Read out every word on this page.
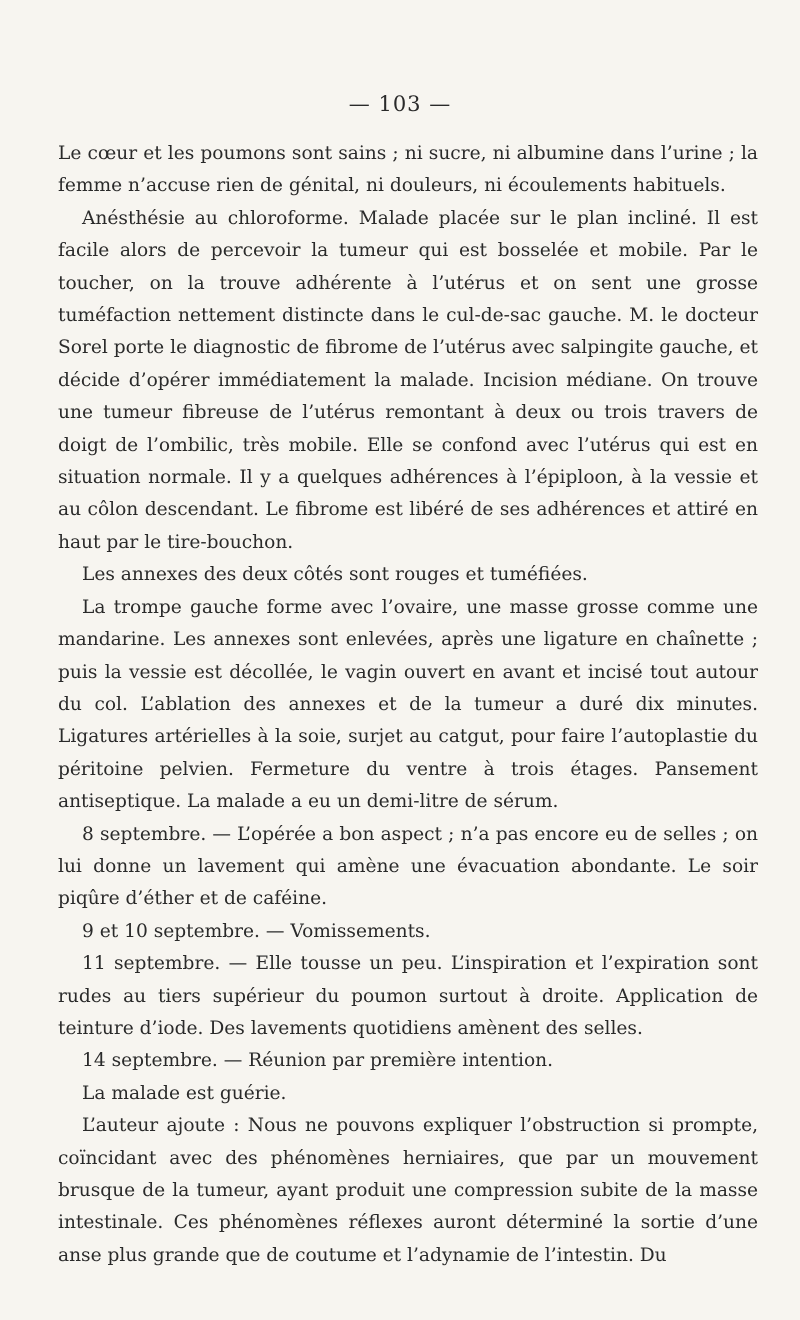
— 103 —

Le cœur et les poumons sont sains ; ni sucre, ni albumine dans l’urine ; la femme n’accuse rien de génital, ni douleurs, ni écoulements habituels.

Anésthésie au chloroforme. Malade placée sur le plan incliné. Il est facile alors de percevoir la tumeur qui est bosselée et mobile. Par le toucher, on la trouve adhérente à l’utérus et on sent une grosse tuméfaction nettement distincte dans le cul-de-sac gauche. M. le docteur Sorel porte le diagnostic de fibrome de l’utérus avec salpingite gauche, et décide d’opérer immédiatement la malade. Incision médiane. On trouve une tumeur fibreuse de l’utérus remontant à deux ou trois travers de doigt de l’ombilic, très mobile. Elle se confond avec l’utérus qui est en situation normale. Il y a quelques adhérences à l’épiploon, à la vessie et au côlon descendant. Le fibrome est libéré de ses adhérences et attiré en haut par le tire-bouchon.

Les annexes des deux côtés sont rouges et tuméfiées.

La trompe gauche forme avec l’ovaire, une masse grosse comme une mandarine. Les annexes sont enlevées, après une ligature en chaînette ; puis la vessie est décollée, le vagin ouvert en avant et incisé tout autour du col. L’ablation des annexes et de la tumeur a duré dix minutes. Ligatures artérielles à la soie, surjet au catgut, pour faire l’autoplastie du péritoine pelvien. Fermeture du ventre à trois étages. Pansement antiseptique. La malade a eu un demi-litre de sérum.

8 septembre. — L’opérée a bon aspect ; n’a pas encore eu de selles ; on lui donne un lavement qui amène une évacuation abondante. Le soir piqûre d’éther et de caféine.

9 et 10 septembre. — Vomissements.

11 septembre. — Elle tousse un peu. L’inspiration et l’expiration sont rudes au tiers supérieur du poumon surtout à droite. Application de teinture d’iode. Des lavements quotidiens amènent des selles.

14 septembre. — Réunion par première intention.

La malade est guérie.

L’auteur ajoute : Nous ne pouvons expliquer l’obstruction si prompte, coïncidant avec des phénomènes herniaires, que par un mouvement brusque de la tumeur, ayant produit une compression subite de la masse intestinale. Ces phénomènes réflexes auront déterminé la sortie d’une anse plus grande que de coutume et l’adynamie de l’intestin. Du
